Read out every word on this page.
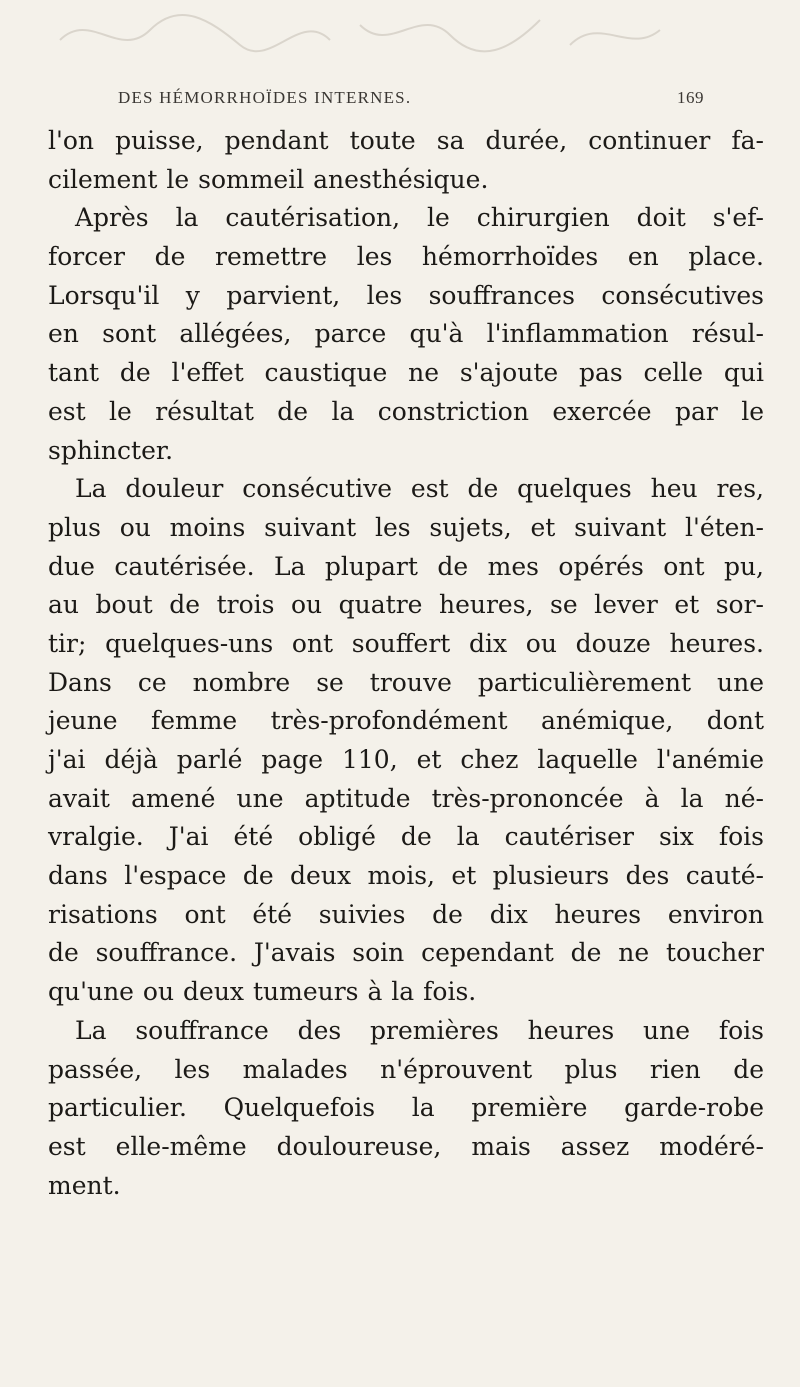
DES HÉMORRHOÏDES INTERNES.	169
l'on puisse, pendant toute sa durée, continuer fa-
cilement le sommeil anesthésique.
Après la cautérisation, le chirurgien doit s'ef-
forcer de remettre les hémorrhoïdes en place.
Lorsqu'il y parvient, les souffrances consécutives
en sont allégées, parce qu'à l'inflammation résul-
tant de l'effet caustique ne s'ajoute pas celle qui
est le résultat de la constriction exercée par le
sphincter.
La douleur consécutive est de quelques heu res,
plus ou moins suivant les sujets, et suivant l'éten-
due cautérisée. La plupart de mes opérés ont pu,
au bout de trois ou quatre heures, se lever et sor-
tir; quelques-uns ont souffert dix ou douze heures.
Dans ce nombre se trouve particulièrement une
jeune femme très-profondément anémique, dont
j'ai déjà parlé page 110, et chez laquelle l'anémie
avait amené une aptitude très-prononcée à la né-
vralgie. J'ai été obligé de la cautériser six fois
dans l'espace de deux mois, et plusieurs des cauté-
risations ont été suivies de dix heures environ
de souffrance. J'avais soin cependant de ne toucher
qu'une ou deux tumeurs à la fois.
La souffrance des premières heures une fois
passée, les malades n'éprouvent plus rien de
particulier. Quelquefois la première garde-robe
est elle-même douloureuse, mais assez modéré-
ment.
